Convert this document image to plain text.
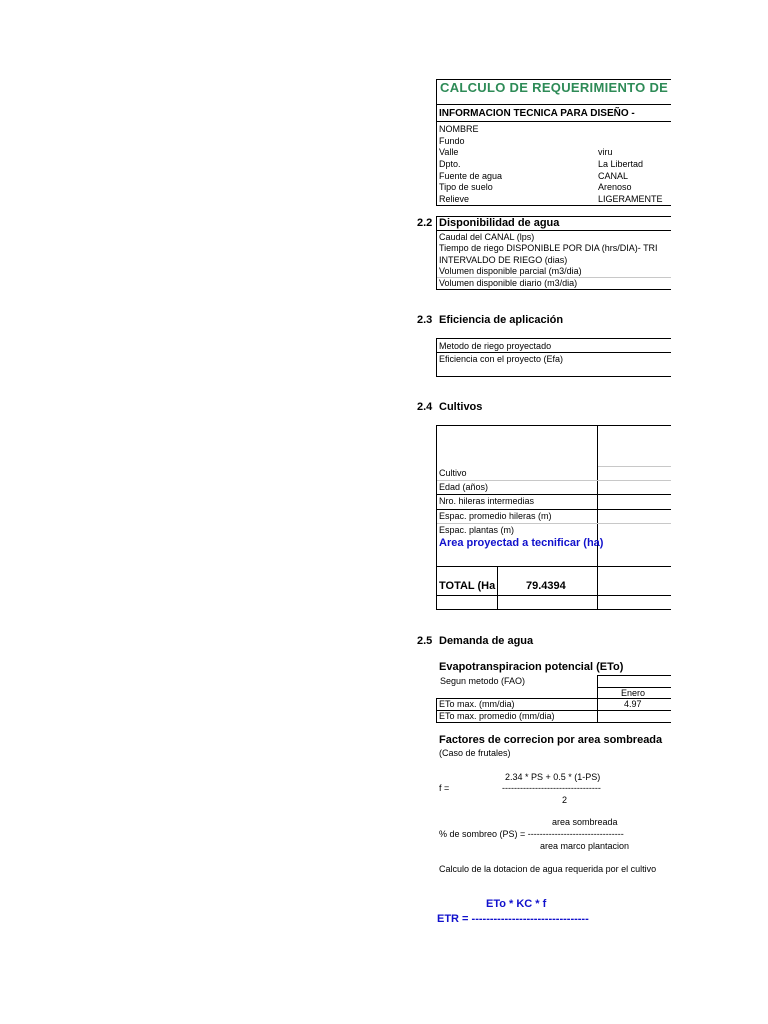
CALCULO DE REQUERIMIENTO DE
INFORMACION TECNICA PARA DISEÑO -
NOMBRE
Fundo
Valle	viru
Dpto.	La Libertad
Fuente de agua	CANAL
Tipo de suelo	Arenoso
Relieve	LIGERAMENTE
2.2 Disponibilidad de agua
Caudal del CANAL (lps)
Tiempo de riego DISPONIBLE POR DIA (hrs/DIA)- TRI
INTERVALDO DE RIEGO (dias)
Volumen disponible parcial (m3/dia)
Volumen disponible diario (m3/dia)
2.3 Eficiencia de aplicación
Metodo de riego proyectado
Eficiencia con el proyecto (Efa)
2.4 Cultivos
Cultivo
Edad (años)
Nro. hileras intermedias
Espac. promedio hileras (m)
Espac. plantas (m)
Area proyectad a tecnificar (ha)
TOTAL (Ha	79.4394
2.5 Demanda de agua
Evapotranspiracion potencial (ETo)
Segun metodo (FAO)
Enero
ETo max. (mm/dia)	4.97
ETo max. promedio (mm/dia)
Factores de correcion por area sombreada
(Caso de frutales)
2.34 * PS + 0.5 * (1-PS)
f =	---------------------------------
2
area sombreada
% de sombreo (PS) = --------------------------------
area marco plantacion
Calculo de la dotacion de agua requerida por el cultivo
ETo * KC * f
ETR = --------------------------------
